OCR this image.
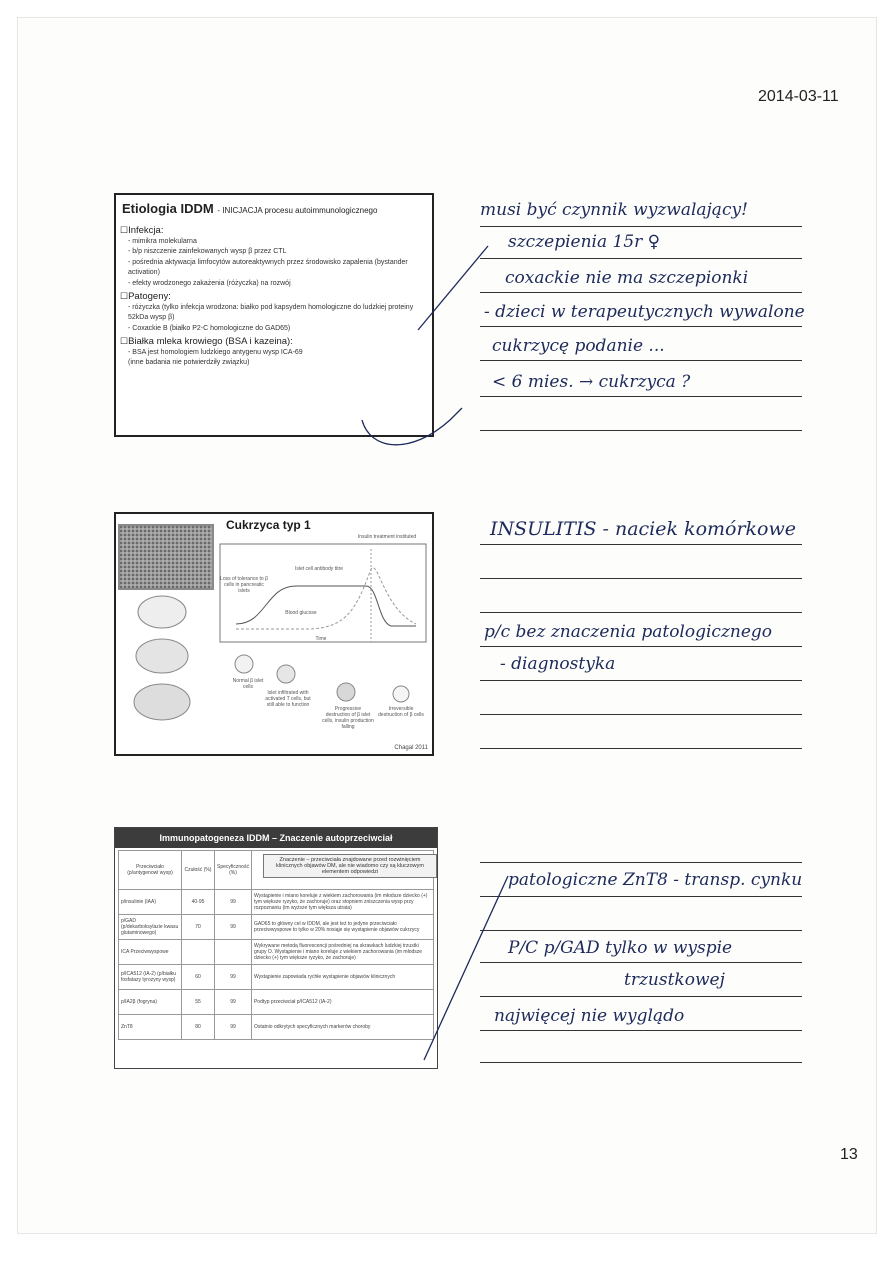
2014-03-11
13
Etiologia IDDM - INICJACJA procesu autoimmunologicznego
☐ Infekcja:
- mimikra molekularna
- b/p niszczenie zainfekowanych wysp β przez CTL
- pośrednia aktywacja limfocytów autoreaktywnych przez środowisko zapalenia (bystander activation)
- efekty wrodzonego zakażenia (różyczka) na rozwój
☐ Patogeny:
- różyczka (tylko infekcja wrodzona: białko pod kapsydem homologiczne do ludzkiej proteiny 52kDa wysp β)
- Coxackie B (białko P2-C homologiczne do GAD65)
☐ Białka mleka krowiego (BSA i kazeina):
- BSA jest homologiem ludzkiego antygenu wysp ICA-69
(inne badania nie potwierdziły związku)
Cukrzyca typ 1
Insulin treatment instituted
Loss of tolerance to β cells in pancreatic islets
Islet cell antibody titre
Blood glucose
Time
Normal β islet cells
Islet infiltrated with activated T cells, but still able to function
Progressive destruction of β islet cells, insulin production falling
Irreversible destruction of β cells
Chagal 2011
Immunopatogeneza IDDM – Znaczenie autoprzeciwciał
Przeciwciało (p/antygenowi wysp)	Czułość (%)	Specyficzność (%)	
p/insulinie (IAA)	40-95	99	Wystąpienie i miano koreluje z wiekiem zachorowania (im młodsze dziecko (+) tym większe ryzyko, że zachoruje) oraz stopniem zniszczenia wysp przy rozpoznaniu (im wyższe tym większa utrata)
p/GAD (p/dekarboksylazie kwasu glutaminowego)	70	99	GAD65 to główny cel w IDDM, ale jest też to jedyne przeciwciało przeciwwyspowe to tylko w 20% nosiąje się wystąpienie objawów cukrzycy
ICA Przeciwwyspowe			Wykrywane metodą fluorescencji pośredniej na skrawkach ludzkiej trzustki grupy O. Wystąpienie i miano koreluje z wiekiem zachorowania (im młodsze dziecko (+) tym większe ryzyko, że zachoruje)
p/ICA512 (IA-2) (p/białku fosfatazy tyrozyny wysp)	60	99	Wystąpienie zapowiada rychłe wystąpienie objawów klinicznych
p/IA2β (fogryna)	55	99	Podtyp przeciwciał p/ICA512 (IA-2)
ZnT8	80	99	Ostatnio odkrytych specyficznych markerów choroby
Znaczenie – przeciwciała znajdowane przed rozwinięciem klinicznych objawów DM, ale nie wiadomo czy są kluczowym elementem odpowiedzi
musi być czynnik wyzwalający!
szczepienia 15r ♀
coxackie nie ma szczepionki
- dzieci w terapeutycznych wywalone
cukrzycę podanie ...
< 6 mies. → cukrzyca ?
INSULITIS - naciek komórkowe
p/c bez znaczenia patologicznego
- diagnostyka
patologiczne ZnT8 - transp. cynku
P/C p/GAD tylko w wyspie
trzustkowej
najwięcej nie wyglądo
